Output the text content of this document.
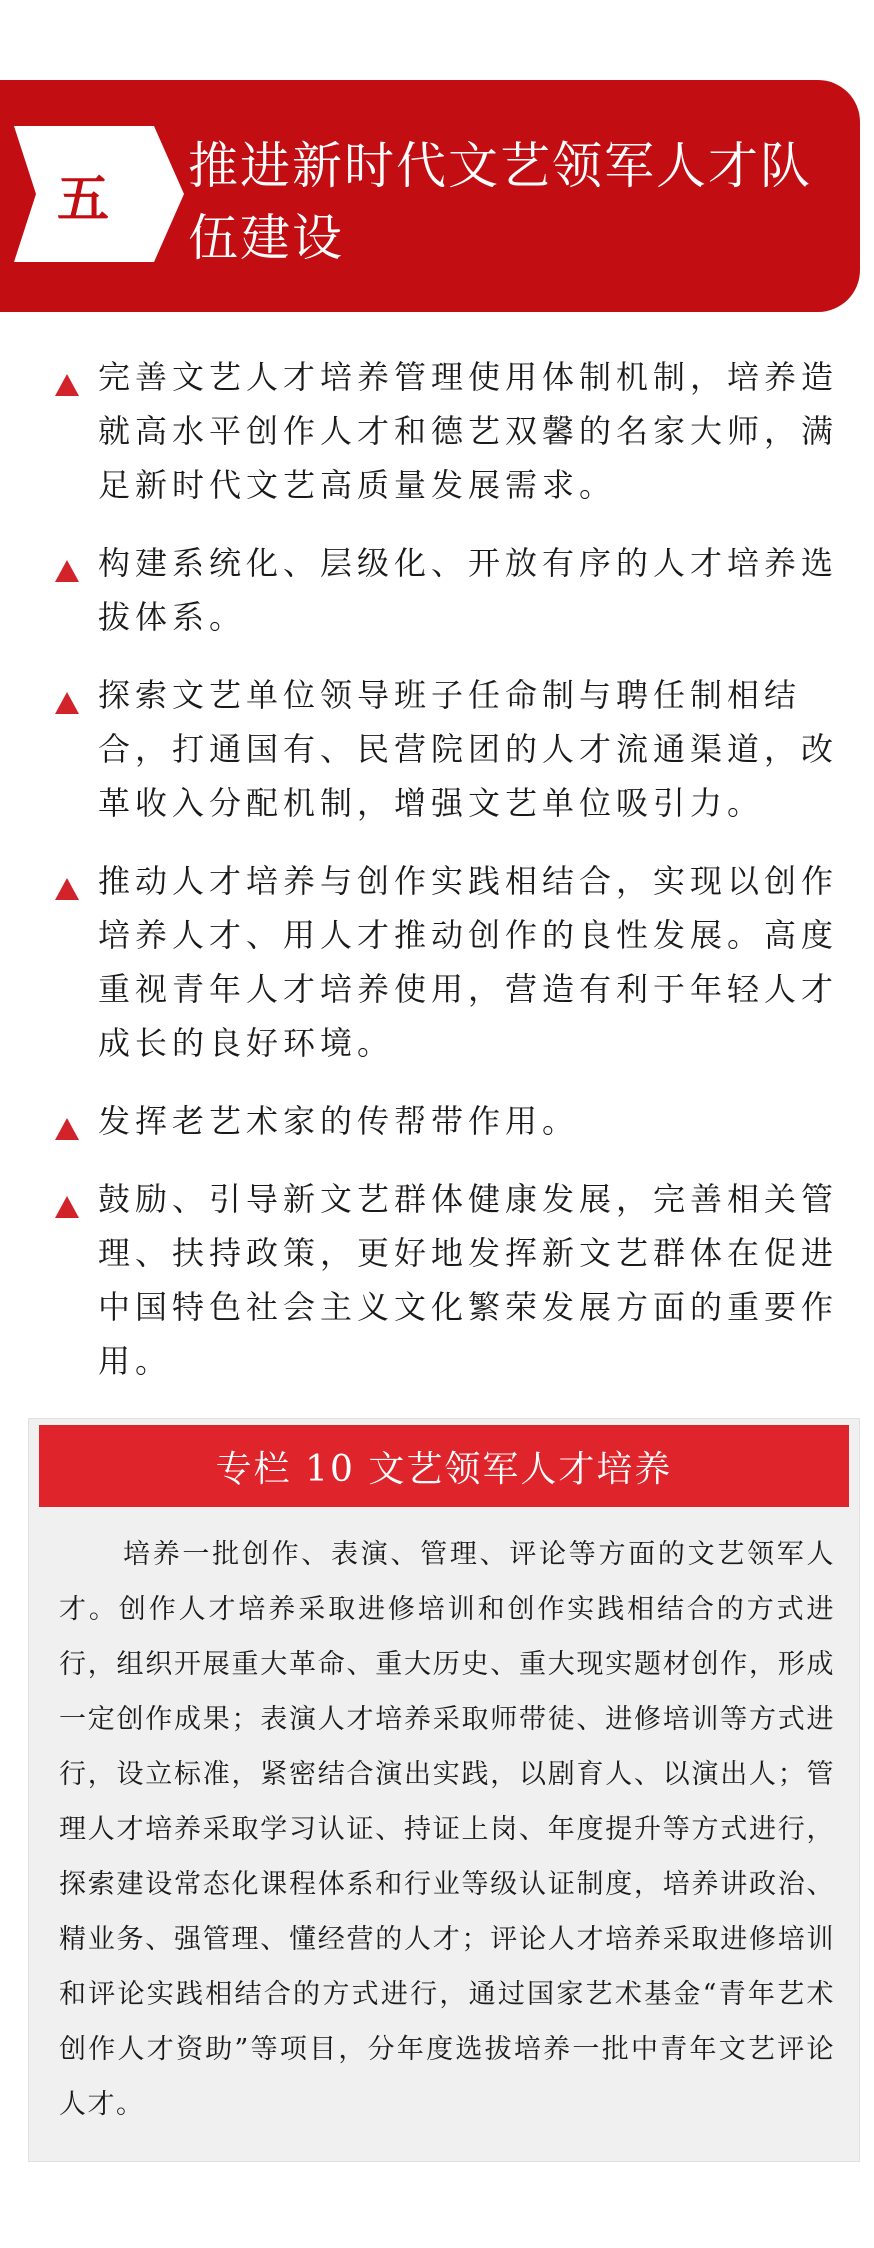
五
推进新时代文艺领军人才队伍建设
完善文艺人才培养管理使用体制机制，培养造就高水平创作人才和德艺双馨的名家大师，满足新时代文艺高质量发展需求。
构建系统化、层级化、开放有序的人才培养选拔体系。
探索文艺单位领导班子任命制与聘任制相结合，打通国有、民营院团的人才流通渠道，改革收入分配机制，增强文艺单位吸引力。
推动人才培养与创作实践相结合，实现以创作培养人才、用人才推动创作的良性发展。高度重视青年人才培养使用，营造有利于年轻人才成长的良好环境。
发挥老艺术家的传帮带作用。
鼓励、引导新文艺群体健康发展，完善相关管理、扶持政策，更好地发挥新文艺群体在促进中国特色社会主义文化繁荣发展方面的重要作用。
专栏 10 文艺领军人才培养

培养一批创作、表演、管理、评论等方面的文艺领军人才。创作人才培养采取进修培训和创作实践相结合的方式进行，组织开展重大革命、重大历史、重大现实题材创作，形成一定创作成果；表演人才培养采取师带徒、进修培训等方式进行，设立标准，紧密结合演出实践，以剧育人、以演出人；管理人才培养采取学习认证、持证上岗、年度提升等方式进行，探索建设常态化课程体系和行业等级认证制度，培养讲政治、精业务、强管理、懂经营的人才；评论人才培养采取进修培训和评论实践相结合的方式进行，通过国家艺术基金“青年艺术创作人才资助”等项目，分年度选拔培养一批中青年文艺评论人才。
